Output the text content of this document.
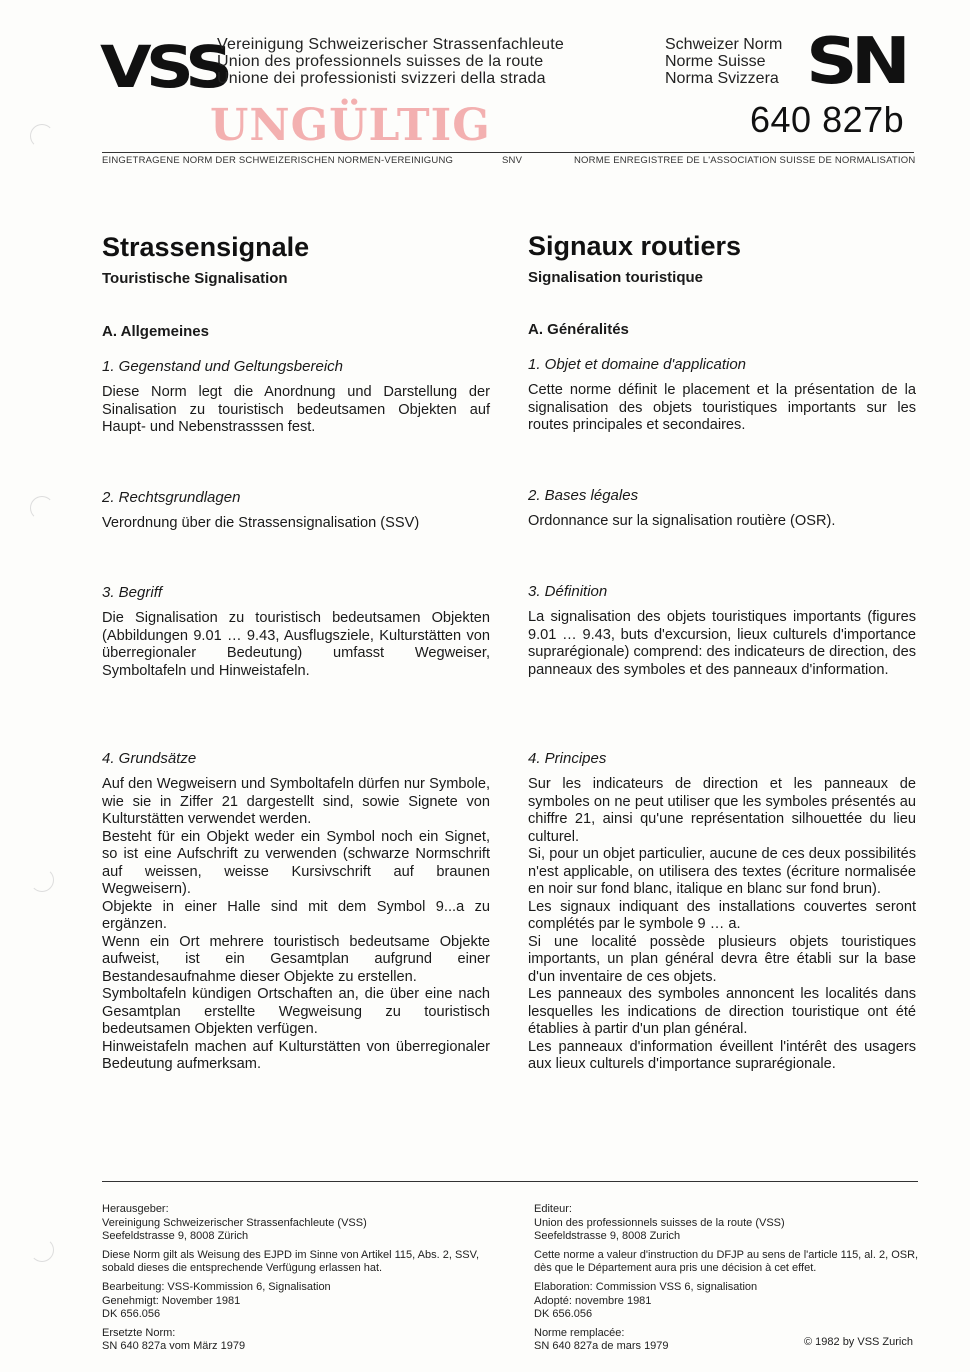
VSS
Vereinigung Schweizerischer Strassenfachleute
Union des professionnels suisses de la route
Unione dei professionisti svizzeri della strada
Schweizer Norm
Norme Suisse
Norma Svizzera SN
UNGÜLTIG	640 827b
EINGETRAGENE NORM DER SCHWEIZERISCHEN NORMEN-VEREINIGUNG	SNV	NORME ENREGISTREE DE L'ASSOCIATION SUISSE DE NORMALISATION
Strassensignale
Touristische Signalisation
A. Allgemeines
1. Gegenstand und Geltungsbereich
Diese Norm legt die Anordnung und Darstellung der Sinalisation zu touristisch bedeutsamen Objekten auf Haupt- und Nebenstrasssen fest.
2. Rechtsgrundlagen
Verordnung über die Strassensignalisation (SSV)
3. Begriff
Die Signalisation zu touristisch bedeutsamen Objekten (Abbildungen 9.01 … 9.43, Ausflugsziele, Kulturstätten von überregionaler Bedeutung) umfasst Wegweiser, Symboltafeln und Hinweistafeln.
4. Grundsätze

Auf den Wegweisern und Symboltafeln dürfen nur Symbole, wie sie in Ziffer 21 dargestellt sind, sowie Signete von Kulturstätten verwendet werden.

Besteht für ein Objekt weder ein Symbol noch ein Signet, so ist eine Aufschrift zu verwenden (schwarze Normschrift auf weissen, weisse Kursivschrift auf braunen Wegweisern).

Objekte in einer Halle sind mit dem Symbol 9...a zu ergänzen.

Wenn ein Ort mehrere touristisch bedeutsame Objekte aufweist, ist ein Gesamtplan aufgrund einer Bestandesaufnahme dieser Objekte zu erstellen.

Symboltafeln kündigen Ortschaften an, die über eine nach Gesamtplan erstellte Wegweisung zu touristisch bedeutsamen Objekten verfügen.

Hinweistafeln machen auf Kulturstätten von überregionaler Bedeutung aufmerksam.

Signaux routiers
Signalisation touristique
A. Généralités
1. Objet et domaine d'application
Cette norme définit le placement et la présentation de la signalisation des objets touristiques importants sur les routes principales et secondaires.
2. Bases légales
Ordonnance sur la signalisation routière (OSR).
3. Définition
La signalisation des objets touristiques importants (figures 9.01 … 9.43, buts d'excursion, lieux culturels d'importance suprarégionale) comprend: des indicateurs de direction, des panneaux des symboles et des panneaux d'information.
4. Principes

Sur les indicateurs de direction et les panneaux de symboles on ne peut utiliser que les symboles présentés au chiffre 21, ainsi qu'une représentation silhouettée du lieu culturel.

Si, pour un objet particulier, aucune de ces deux possibilités n'est applicable, on utilisera des textes (écriture normalisée en noir sur fond blanc, italique en blanc sur fond brun).

Les signaux indiquant des installations couvertes seront complétés par le symbole 9 … a.

Si une localité possède plusieurs objets touristiques importants, un plan général devra être établi sur la base d'un inventaire de ces objets.

Les panneaux des symboles annoncent les localités dans lesquelles les indications de direction touristique ont été établies à partir d'un plan général.

Les panneaux d'information éveillent l'intérêt des usagers aux lieux culturels d'importance suprarégionale.

Herausgeber:

Vereinigung Schweizerischer Strassenfachleute (VSS)

Seefeldstrasse 9, 8008 Zürich

Diese Norm gilt als Weisung des EJPD im Sinne von Artikel 115, Abs. 2, SSV, sobald dieses die entsprechende Verfügung erlassen hat.

Bearbeitung: VSS-Kommission 6, Signalisation

Genehmigt: November 1981

DK 656.056

Ersetzte Norm:

SN 640 827a vom März 1979

Editeur:

Union des professionnels suisses de la route (VSS)

Seefeldstrasse 9, 8008 Zurich

Cette norme a valeur d'instruction du DFJP au sens de l'article 115, al. 2, OSR, dès que le Département aura pris une décision à cet effet.

Elaboration: Commission VSS 6, signalisation

Adopté: novembre 1981

DK 656.056

Norme remplacée:

SN 640 827a de mars 1979	© 1982 by VSS Zurich
